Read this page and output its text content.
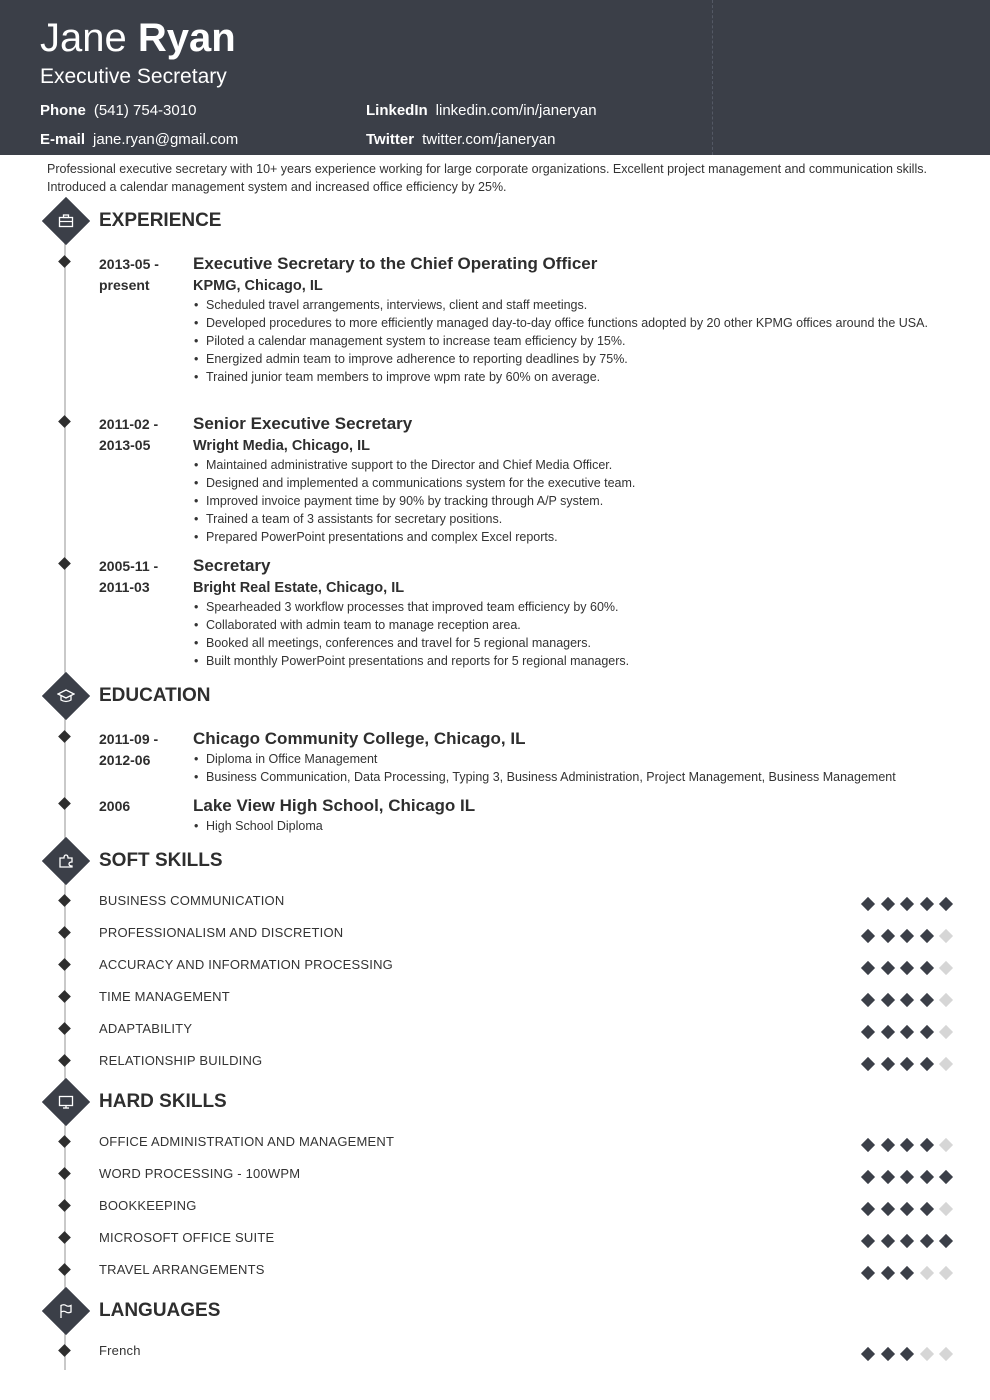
Jane Ryan
Executive Secretary
Phone (541) 754-3010
E-mail jane.ryan@gmail.com
LinkedIn linkedin.com/in/janeryan
Twitter twitter.com/janeryan
Professional executive secretary with 10+ years experience working for large corporate organizations. Excellent project management and communication skills. Introduced a calendar management system and increased office efficiency by 25%.
EXPERIENCE
2013-05 -
present
Executive Secretary to the Chief Operating Officer
KPMG, Chicago, IL
• Scheduled travel arrangements, interviews, client and staff meetings.
• Developed procedures to more efficiently managed day-to-day office functions adopted by 20 other KPMG offices around the USA.
• Piloted a calendar management system to increase team efficiency by 15%.
• Energized admin team to improve adherence to reporting deadlines by 75%.
• Trained junior team members to improve wpm rate by 60% on average.
2011-02 -
2013-05
Senior Executive Secretary
Wright Media, Chicago, IL
• Maintained administrative support to the Director and Chief Media Officer.
• Designed and implemented a communications system for the executive team.
• Improved invoice payment time by 90% by tracking through A/P system.
• Trained a team of 3 assistants for secretary positions.
• Prepared PowerPoint presentations and complex Excel reports.
2005-11 -
2011-03
Secretary
Bright Real Estate, Chicago, IL
• Spearheaded 3 workflow processes that improved team efficiency by 60%.
• Collaborated with admin team to manage reception area.
• Booked all meetings, conferences and travel for 5 regional managers.
• Built monthly PowerPoint presentations and reports for 5 regional managers.
EDUCATION
2011-09 -
2012-06
Chicago Community College, Chicago, IL
• Diploma in Office Management
• Business Communication, Data Processing, Typing 3, Business Administration, Project Management, Business Management
2006	Lake View High School, Chicago IL
• High School Diploma
SOFT SKILLS
BUSINESS COMMUNICATION
PROFESSIONALISM AND DISCRETION
ACCURACY AND INFORMATION PROCESSING
TIME MANAGEMENT
ADAPTABILITY
RELATIONSHIP BUILDING
HARD SKILLS
OFFICE ADMINISTRATION AND MANAGEMENT
WORD PROCESSING - 100WPM
BOOKKEEPING
MICROSOFT OFFICE SUITE
TRAVEL ARRANGEMENTS
LANGUAGES
French
